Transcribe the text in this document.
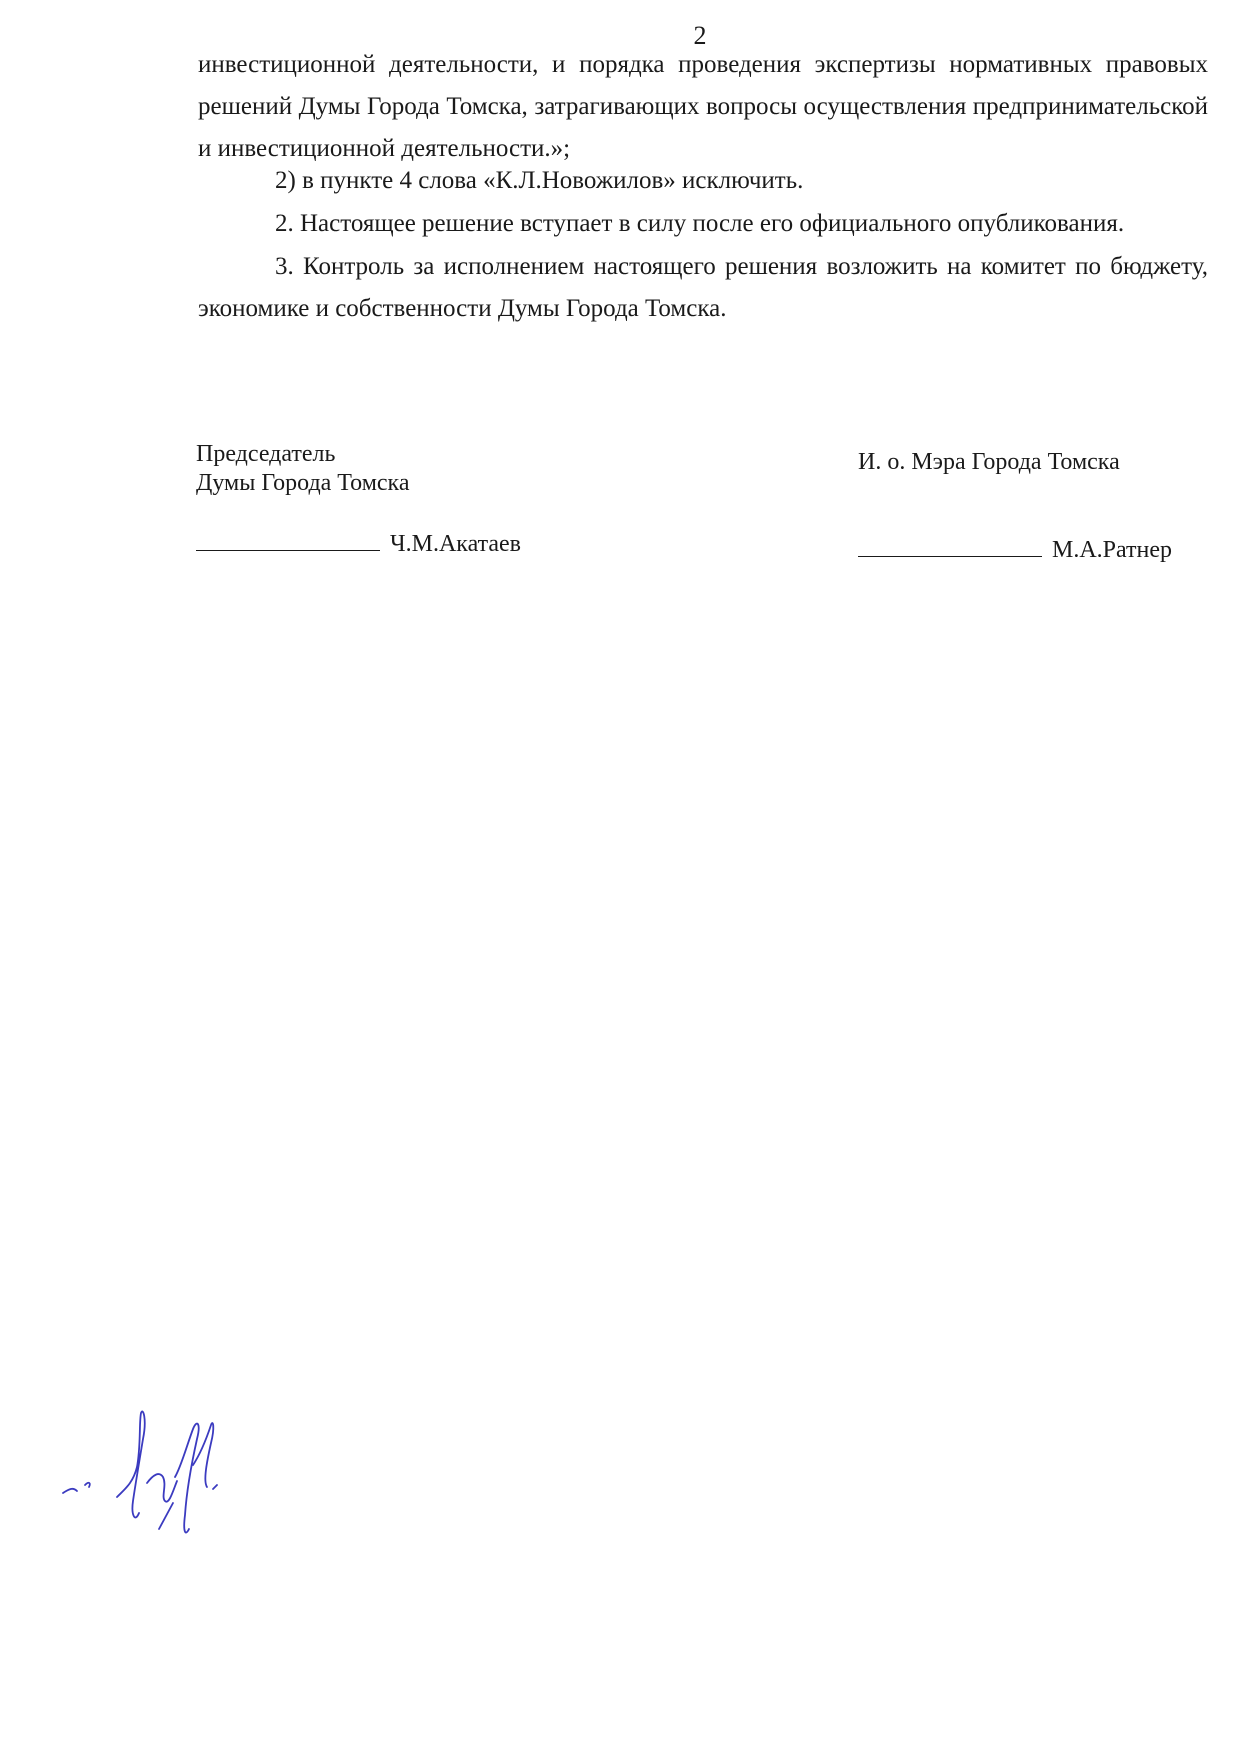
2

инвестиционной деятельности, и порядка проведения экспертизы нормативных правовых решений Думы Города Томска, затрагивающих вопросы осуществления предпринимательской и инвестиционной деятельности.»;

2) в пункте 4 слова «К.Л.Новожилов» исключить.

2. Настоящее решение вступает в силу после его официального опубликования.

3. Контроль за исполнением настоящего решения возложить на комитет по бюджету, экономике и собственности Думы Города Томска.

Председатель
Думы Города Томска
Ч.М.Акатаев
И. о. Мэра Города Томска
М.А.Ратнер
